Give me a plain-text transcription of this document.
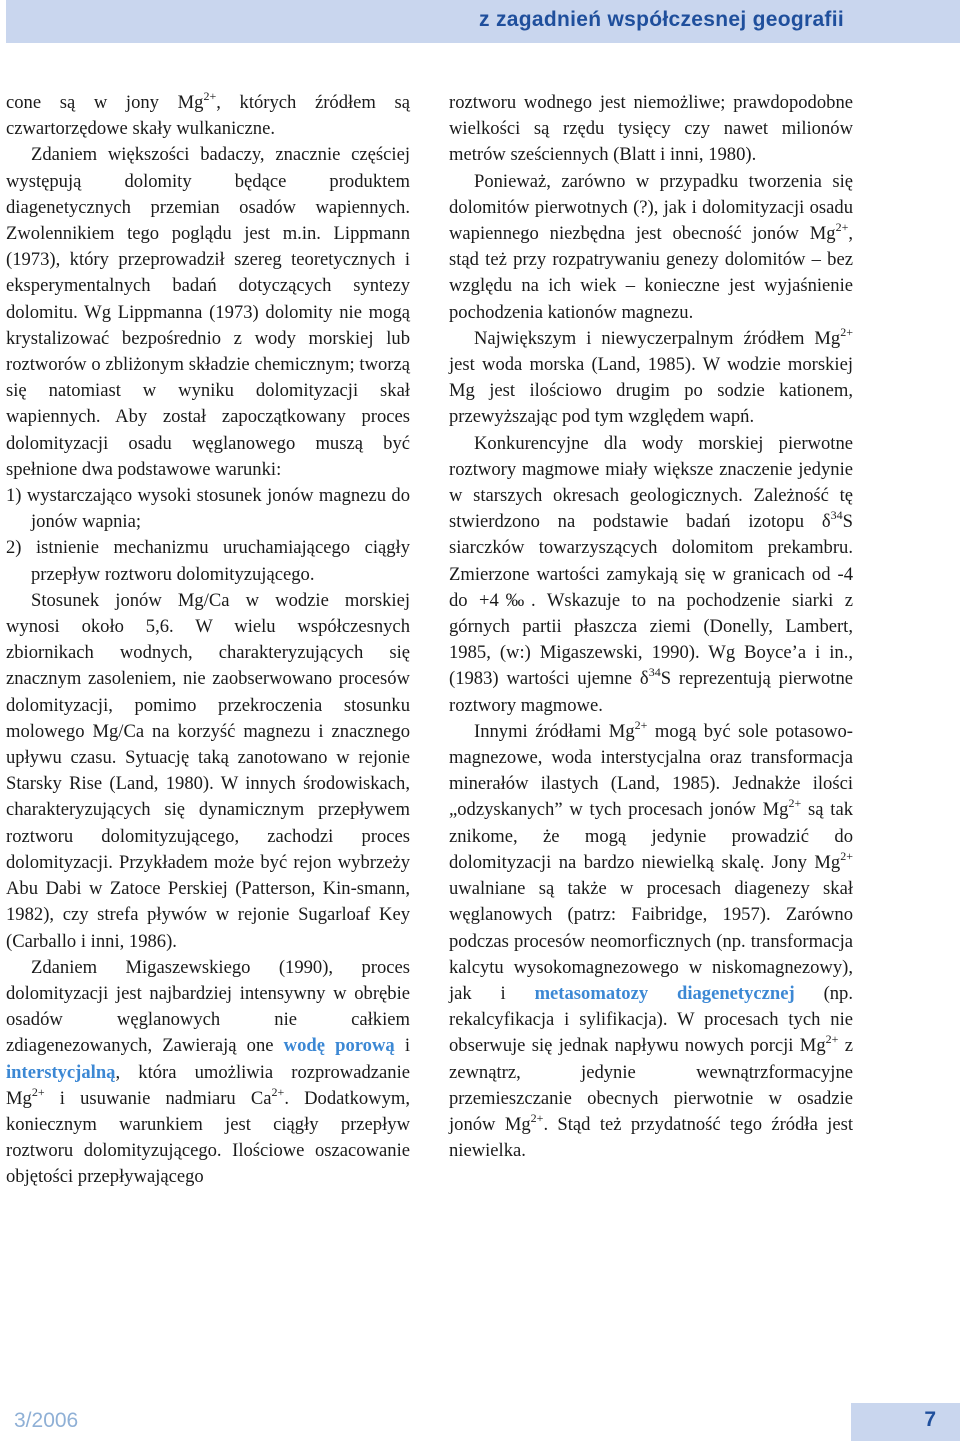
z zagadnień współczesnej geografii

cone są w jony $Mg^{2+}$, których źródłem są czwartorzędowe skały wulkaniczne.

Zdaniem większości badaczy, znacznie częściej występują dolomity będące produktem diagenetycznych przemian osadów wapiennych. Zwolennikiem tego poglądu jest m.in. Lippmann (1973), który przeprowadził szereg teoretycznych i eksperymentalnych badań dotyczących syntezy dolomitu. Wg Lippmanna (1973) dolomity nie mogą krystalizować bezpośrednio z wody morskiej lub roztworów o zbliżonym składzie chemicznym; tworzą się natomiast w wyniku dolomityzacji skał wapiennych. Aby został zapoczątkowany proces dolomityzacji osadu węglanowego muszą być spełnione dwa podstawowe warunki:

1) wystarczająco wysoki stosunek jonów magnezu do jonów wapnia;

2) istnienie mechanizmu uruchamiającego ciągły przepływ roztworu dolomityzującego.

Stosunek jonów Mg/Ca w wodzie morskiej wynosi około 5,6. W wielu współczesnych zbiornikach wodnych, charakteryzujących się znacznym zasoleniem, nie zaobserwowano procesów dolomityzacji, pomimo przekroczenia stosunku molowego Mg/Ca na korzyść magnezu i znacznego upływu czasu. Sytuację taką zanotowano w rejonie Starsky Rise (Land, 1980). W innych środowiskach, charakteryzujących się dynamicznym przepływem roztworu dolomityzującego, zachodzi proces dolomityzacji. Przykładem może być rejon wybrzeży Abu Dabi w Zatoce Perskiej (Patterson, Kin-smann, 1982), czy strefa pływów w rejonie Sugarloaf Key (Carballo i inni, 1986).

Zdaniem Migaszewskiego (1990), proces dolomityzacji jest najbardziej intensywny w obrębie osadów węglanowych nie całkiem zdiagenezowanych, Zawierają one wodę porową i interstycjalną, która umożliwia rozprowadzanie $Mg^{2+}$ i usuwanie nadmiaru $Ca^{2+}$. Dodatkowym, koniecznym warunkiem jest ciągły przepływ roztworu dolomityzującego. Ilościowe oszacowanie objętości przepływającego

roztworu wodnego jest niemożliwe; prawdopodobne wielkości są rzędu tysięcy czy nawet milionów metrów sześciennych (Blatt i inni, 1980).

Ponieważ, zarówno w przypadku tworzenia się dolomitów pierwotnych (?), jak i dolomityzacji osadu wapiennego niezbędna jest obecność jonów $Mg^{2+}$, stąd też przy rozpatrywaniu genezy dolomitów – bez względu na ich wiek – konieczne jest wyjaśnienie pochodzenia kationów magnezu.

Największym i niewyczerpalnym źródłem $Mg^{2+}$ jest woda morska (Land, 1985). W wodzie morskiej Mg jest ilościowo drugim po sodzie kationem, przewyższając pod tym względem wapń.

Konkurencyjne dla wody morskiej pierwotne roztwory magmowe miały większe znaczenie jedynie w starszych okresach geologicznych. Zależność tę stwierdzono na podstawie badań izotopu $\delta^{34}S$ siarczków towarzyszących dolomitom prekambru. Zmierzone wartości zamykają się w granicach od -4 do +4‰. Wskazuje to na pochodzenie siarki z górnych partii płaszcza ziemi (Donelly, Lambert, 1985, (w:) Migaszewski, 1990). Wg Boyce’a i in., (1983) wartości ujemne $\delta^{34}S$ reprezentują pierwotne roztwory magmowe.

Innymi źródłami $Mg^{2+}$ mogą być sole potasowo-magnezowe, woda interstycjalna oraz transformacja minerałów ilastych (Land, 1985). Jednakże ilości „odzyskanych” w tych procesach jonów $Mg^{2+}$ są tak znikome, że mogą jedynie prowadzić do dolomityzacji na bardzo niewielką skalę. Jony $Mg^{2+}$ uwalniane są także w procesach diagenezy skał węglanowych (patrz: Faibridge, 1957). Zarówno podczas procesów neomorficznych (np. transformacja kalcytu wysokomagnezowego w niskomagnezowy), jak i metasomatozy diagenetycznej (np. rekalcyfikacja i sylifikacja). W procesach tych nie obserwuje się jednak napływu nowych porcji $Mg^{2+}$ z zewnątrz, jedynie wewnątrzformacyjne przemieszczanie obecnych pierwotnie w osadzie jonów $Mg^{2+}$. Stąd też przydatność tego źródła jest niewielka.

3/2006	7
